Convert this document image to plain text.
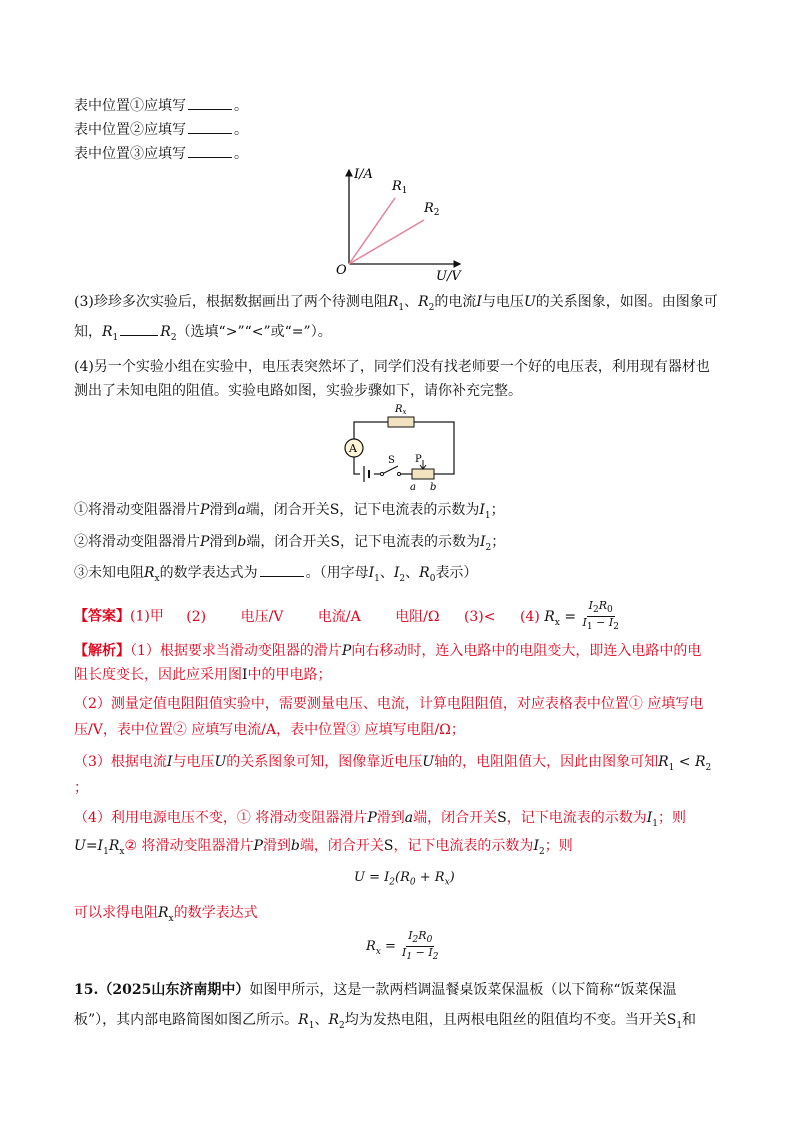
表中位置①应填写	。
表中位置②应填写	。
表中位置③应填写	。
I/A
U/V
O
$R_1$
$R_2$
(3)珍珍多次实验后，根据数据画出了两个待测电阻$R_1$、$R_2$的电流I与电压U的关系图象，如图。由图象可
知，$R_1$	$R_2$（选填“>”“<”或“=”）。
(4)另一个实验小组在实验中，电压表突然坏了，同学们没有找老师要一个好的电压表，利用现有器材也
测出了未知电阻的阻值。实验电路如图，实验步骤如下，请你补充完整。
$R_x$
A
S P
a b
①将滑动变阻器滑片P滑到a端，闭合开关S，记下电流表的示数为$I_1$；
②将滑动变阻器滑片P滑到b端，闭合开关S，记下电流表的示数为$I_2$；
③未知电阻$R_x$的数学表达式为	。（用字母$I_1$、$I_2$、$R_0$表示）
【答案】(1)甲 (2) 电压/V 电流/A 电阻/Ω (3)< (4) $R_x = \frac{I_2R_0}{I_1 - I_2}$
【解析】（1）根据要求当滑动变阻器的滑片P向右移动时，连入电路中的电阻变大，即连入电路中的电
阻长度变长，因此应采用图I中的甲电路；
（2）测量定值电阻阻值实验中，需要测量电压、电流，计算电阻阻值，对应表格表中位置① 应填写电
压/V，表中位置② 应填写电流/A，表中位置③ 应填写电阻/Ω；
（3）根据电流I与电压U的关系图象可知，图像靠近电压U轴的，电阻阻值大，因此由图象可知$R_1 < R_2$
；
（4）利用电源电压不变，① 将滑动变阻器滑片P滑到a端，闭合开关S，记下电流表的示数为$I_1$；则
$U=I_1R_x②$ 将滑动变阻器滑片P滑到b端，闭合开关S，记下电流表的示数为$I_2$；则
$U = I_2(R_0 + R_x)$
可以求得电阻$R_x$的数学表达式
$R_x = \frac{I_2R_0}{I_1 - I_2}$
15.（2025山东济南期中）如图甲所示，这是一款两档调温餐桌饭菜保温板（以下简称“饭菜保温
板”），其内部电路简图如图乙所示。$R_1$、$R_2$均为发热电阻，且两根电阻丝的阻值均不变。当开关$S_1$和
